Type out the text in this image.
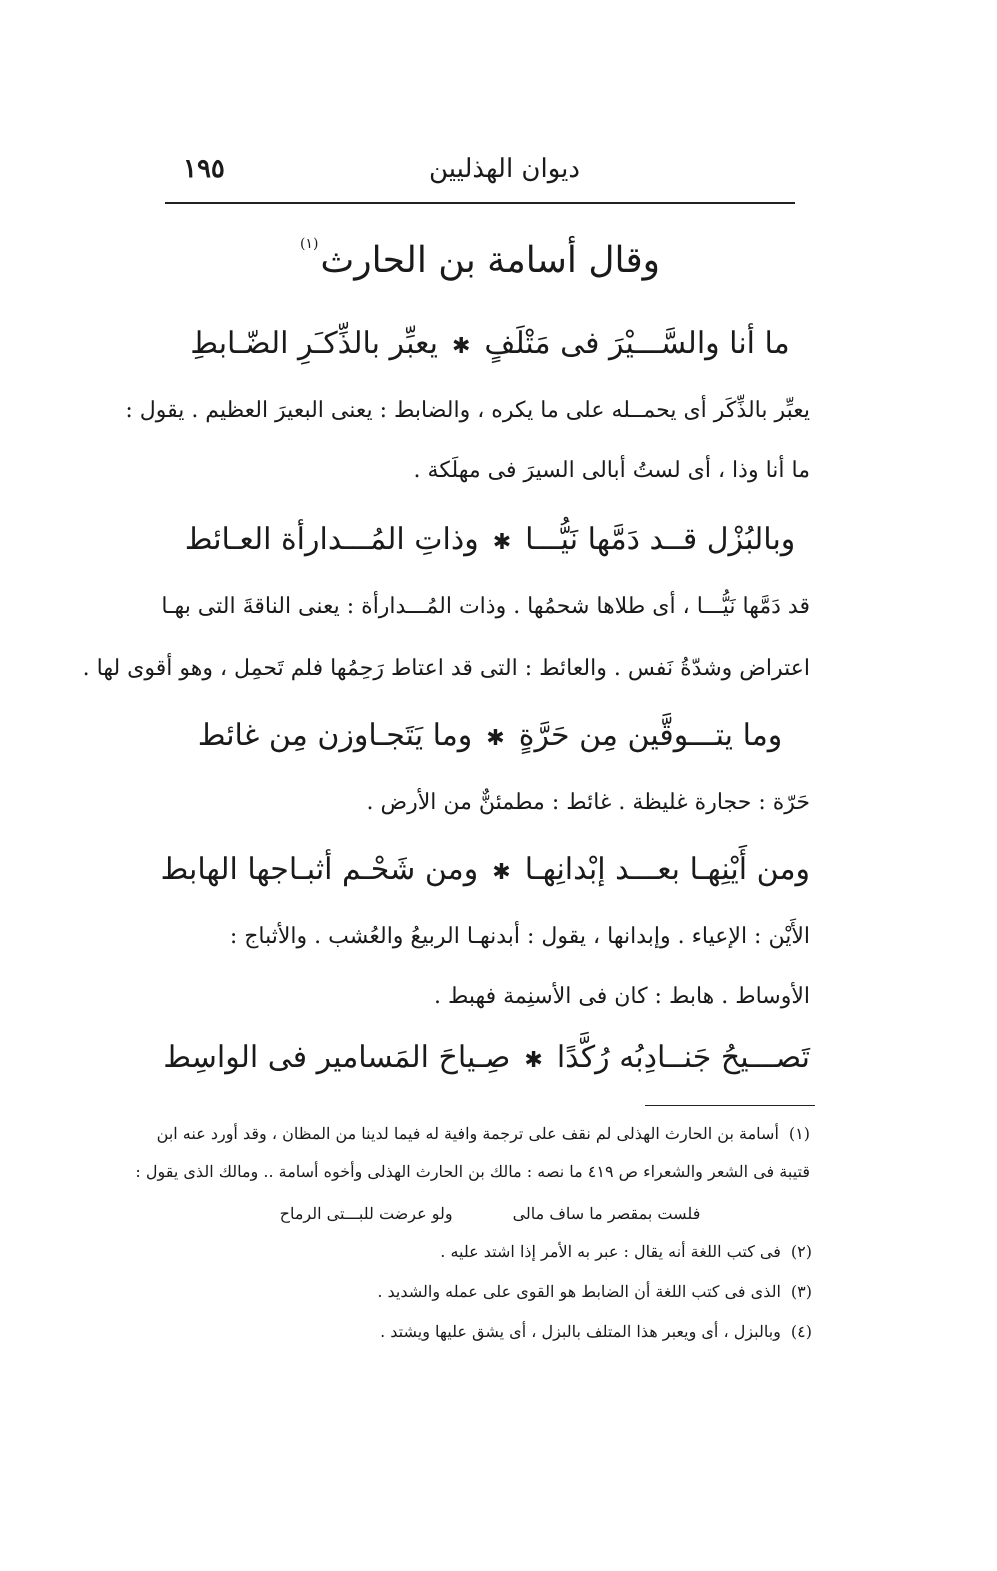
ديوان الهذليين
١٩٥
وقال أسامة بن الحارث$^{(١)}$
ما أنا والسَّـــيْرَ فى مَتْلَفٍ✱يعبِّر بالذِّكـَرِ الضّـابطِ
يعبِّر بالذِّكَر أى يحمــله على ما يكره ، والضابط : يعنى البعيرَ العظيم . يقول :
ما أنا وذا ، أى لستُ أبالى السيرَ فى مهلَكة .
وبالبُزْل قــد دَمَّها نَيُّـــا✱وذاتِ المُـــدارأة العـائط
قد دَمَّها نَيُّـــا ، أى طلاها شحمُها . وذات المُـــدارأة : يعنى الناقةَ التى بهـا
اعتراض وشدّةُ نَفس . والعائط : التى قد اعتاط رَحِمُها فلم تَحمِل ، وهو أقوى لها .
وما يتـــوقَّين مِن حَرَّةٍ✱وما يَتَجـاوزن مِن غائط
حَرّة : حجارة غليظة . غائط : مطمئنٌّ من الأرض .
ومن أَيْنِهـا بعـــد إبْدانِهـا✱ومن شَحْـم أثبـاجها الهابط
الأَيْن : الإعياء . وإبدانها ، يقول : أبدنهـا الربيعُ والعُشب . والأثباج :
الأوساط . هابط : كان فى الأسنِمة فهبط .
تَصـــيحُ جَنــادِبُه رُكَّدًا✱صِـياحَ المَسامير فى الواسِط
(١)أسامة بن الحارث الهذلى لم نقف على ترجمة وافية له فيما لدينا من المظان ، وقد أورد عنه ابن
قتيبة فى الشعر والشعراء ص ٤١٩ ما نصه : مالك بن الحارث الهذلى وأخوه أسامة .. ومالك الذى يقول :
فلست بمقصر ما ساف مالىولو عرضت للبـــتى الرماح
(٢)فى كتب اللغة أنه يقال : عبر به الأمر إذا اشتد عليه .
(٣)الذى فى كتب اللغة أن الضابط هو القوى على عمله والشديد .
(٤)وبالبزل ، أى ويعبر هذا المتلف بالبزل ، أى يشق عليها ويشتد .
